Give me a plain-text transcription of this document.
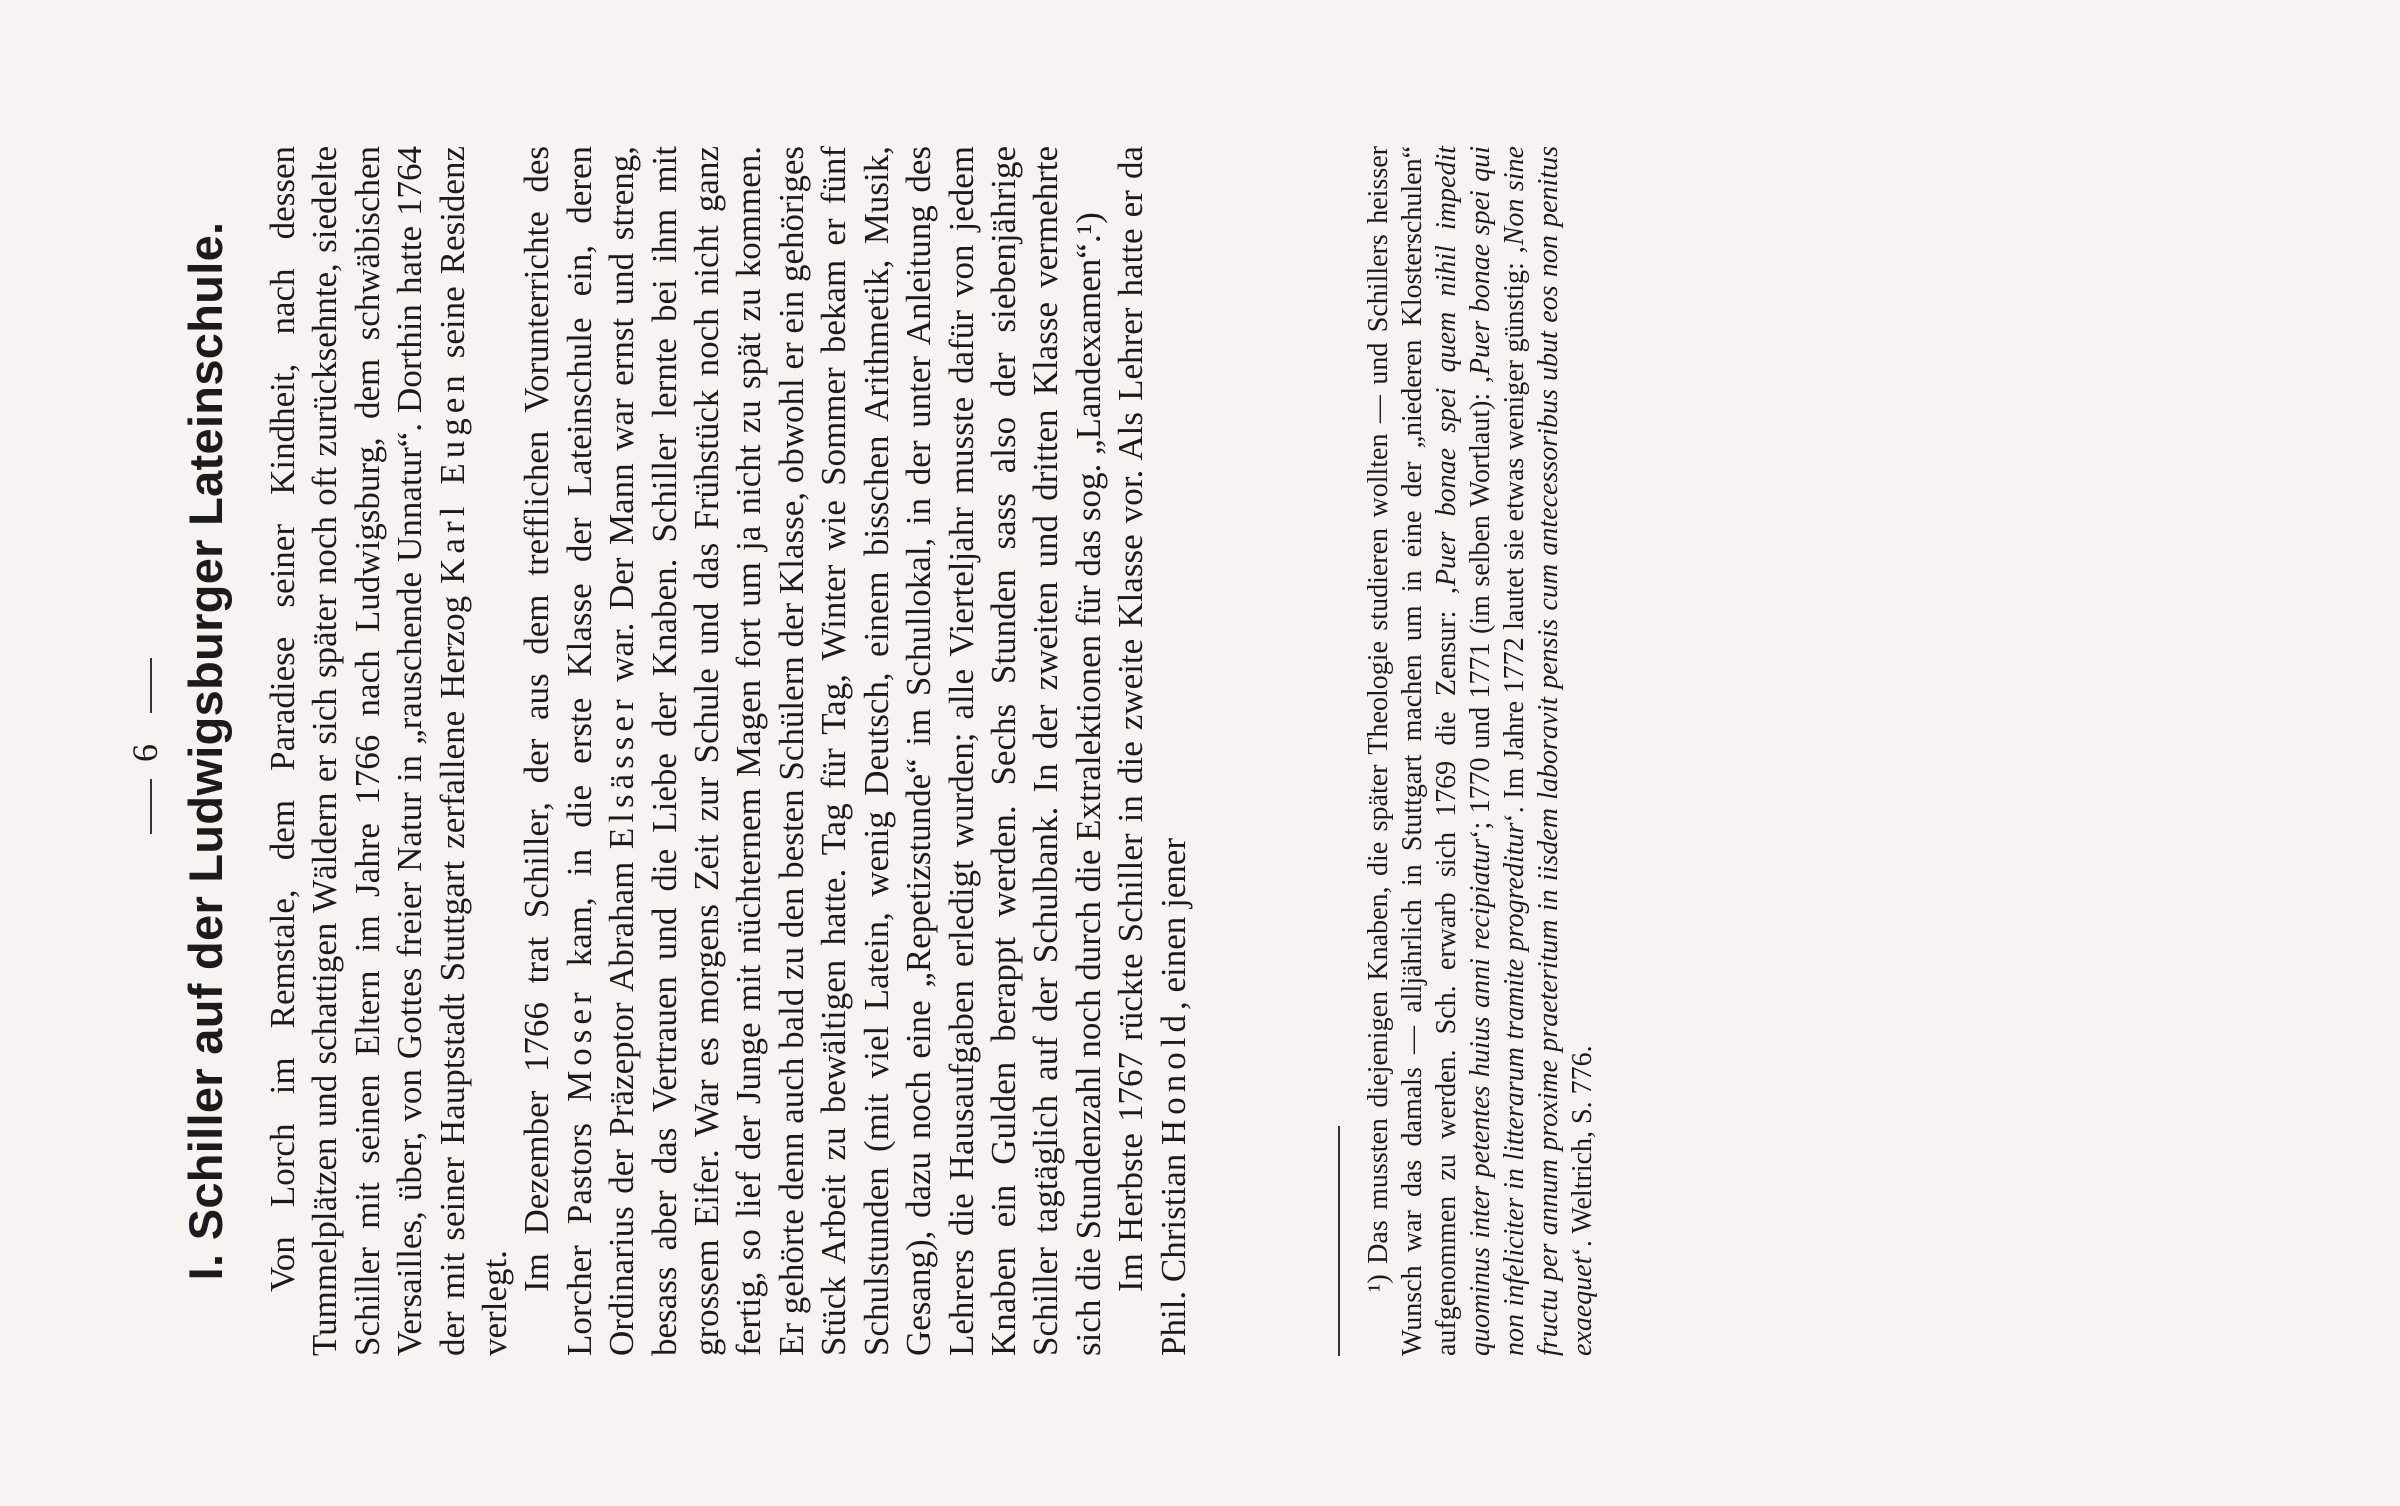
6 I. Schiller auf der Ludwigsburger Lateinschule. Von Lorch im Remstale, dem Paradiese seiner Kindheit, nach dessen Tummelplätzen und schattigen Wäldern er sich später noch oft zurücksehnte, siedelte Schiller mit seinen Eltern im Jahre 1766 nach Ludwigsburg, dem schwäbischen Versailles, über, von Gottes freier Natur in „rauschende Unnatur“. Dorthin hatte 1764 der mit seiner Hauptstadt Stuttgart zerfallene Herzog Karl Eugen seine Residenz verlegt.

Im Dezember 1766 trat Schiller, der aus dem trefflichen Vorunterrichte des Lorcher Pastors Moser kam, in die erste Klasse der Lateinschule ein, deren Ordinarius der Präzeptor Abraham Elsässer war. Der Mann war ernst und streng, besass aber das Vertrauen und die Liebe der Knaben. Schiller lernte bei ihm mit grossem Eifer. War es morgens Zeit zur Schule und das Frühstück noch nicht ganz fertig, so lief der Junge mit nüchternem Magen fort um ja nicht zu spät zu kommen. Er gehörte denn auch bald zu den besten Schülern der Klasse, obwohl er ein gehöriges Stück Arbeit zu bewältigen hatte. Tag für Tag, Winter wie Sommer bekam er fünf Schulstunden (mit viel Latein, wenig Deutsch, einem bisschen Arithmetik, Musik, Gesang), dazu noch eine „Repetizstunde“ im Schullokal, in der unter Anleitung des Lehrers die Hausaufgaben erledigt wurden; alle Vierteljahr musste dafür von jedem Knaben ein Gulden berappt werden. Sechs Stunden sass also der siebenjährige Schiller tagtäglich auf der Schulbank. In der zweiten und dritten Klasse vermehrte sich die Stundenzahl noch durch die Extralektionen für das sog. „Landexamen“.¹) Im Herbste 1767 rückte Schiller in die zweite Klasse vor. Als Lehrer hatte er da Phil. Christian Honold, einen jener	¹) Das mussten diejenigen Knaben, die später Theologie studieren wollten — und Schillers heisser Wunsch war das damals — alljährlich in Stuttgart machen um in eine der „niederen Klosterschulen“ aufgenommen zu werden. Sch. erwarb sich 1769 die Zensur: ‚Puer bonae spei quem nihil impedit quominus inter petentes huius anni recipiatur‘; 1770 und 1771 (im selben Wortlaut): ‚Puer bonae spei qui non infeliciter in litterarum tramite progreditur‘. Im Jahre 1772 lautet sie etwas weniger günstig: ‚Non sine fructu per annum proxime praeteritum in iisdem laboravit pensis cum antecessoribus ubut eos non penitus exaequet‘. Weltrich, S. 776.
